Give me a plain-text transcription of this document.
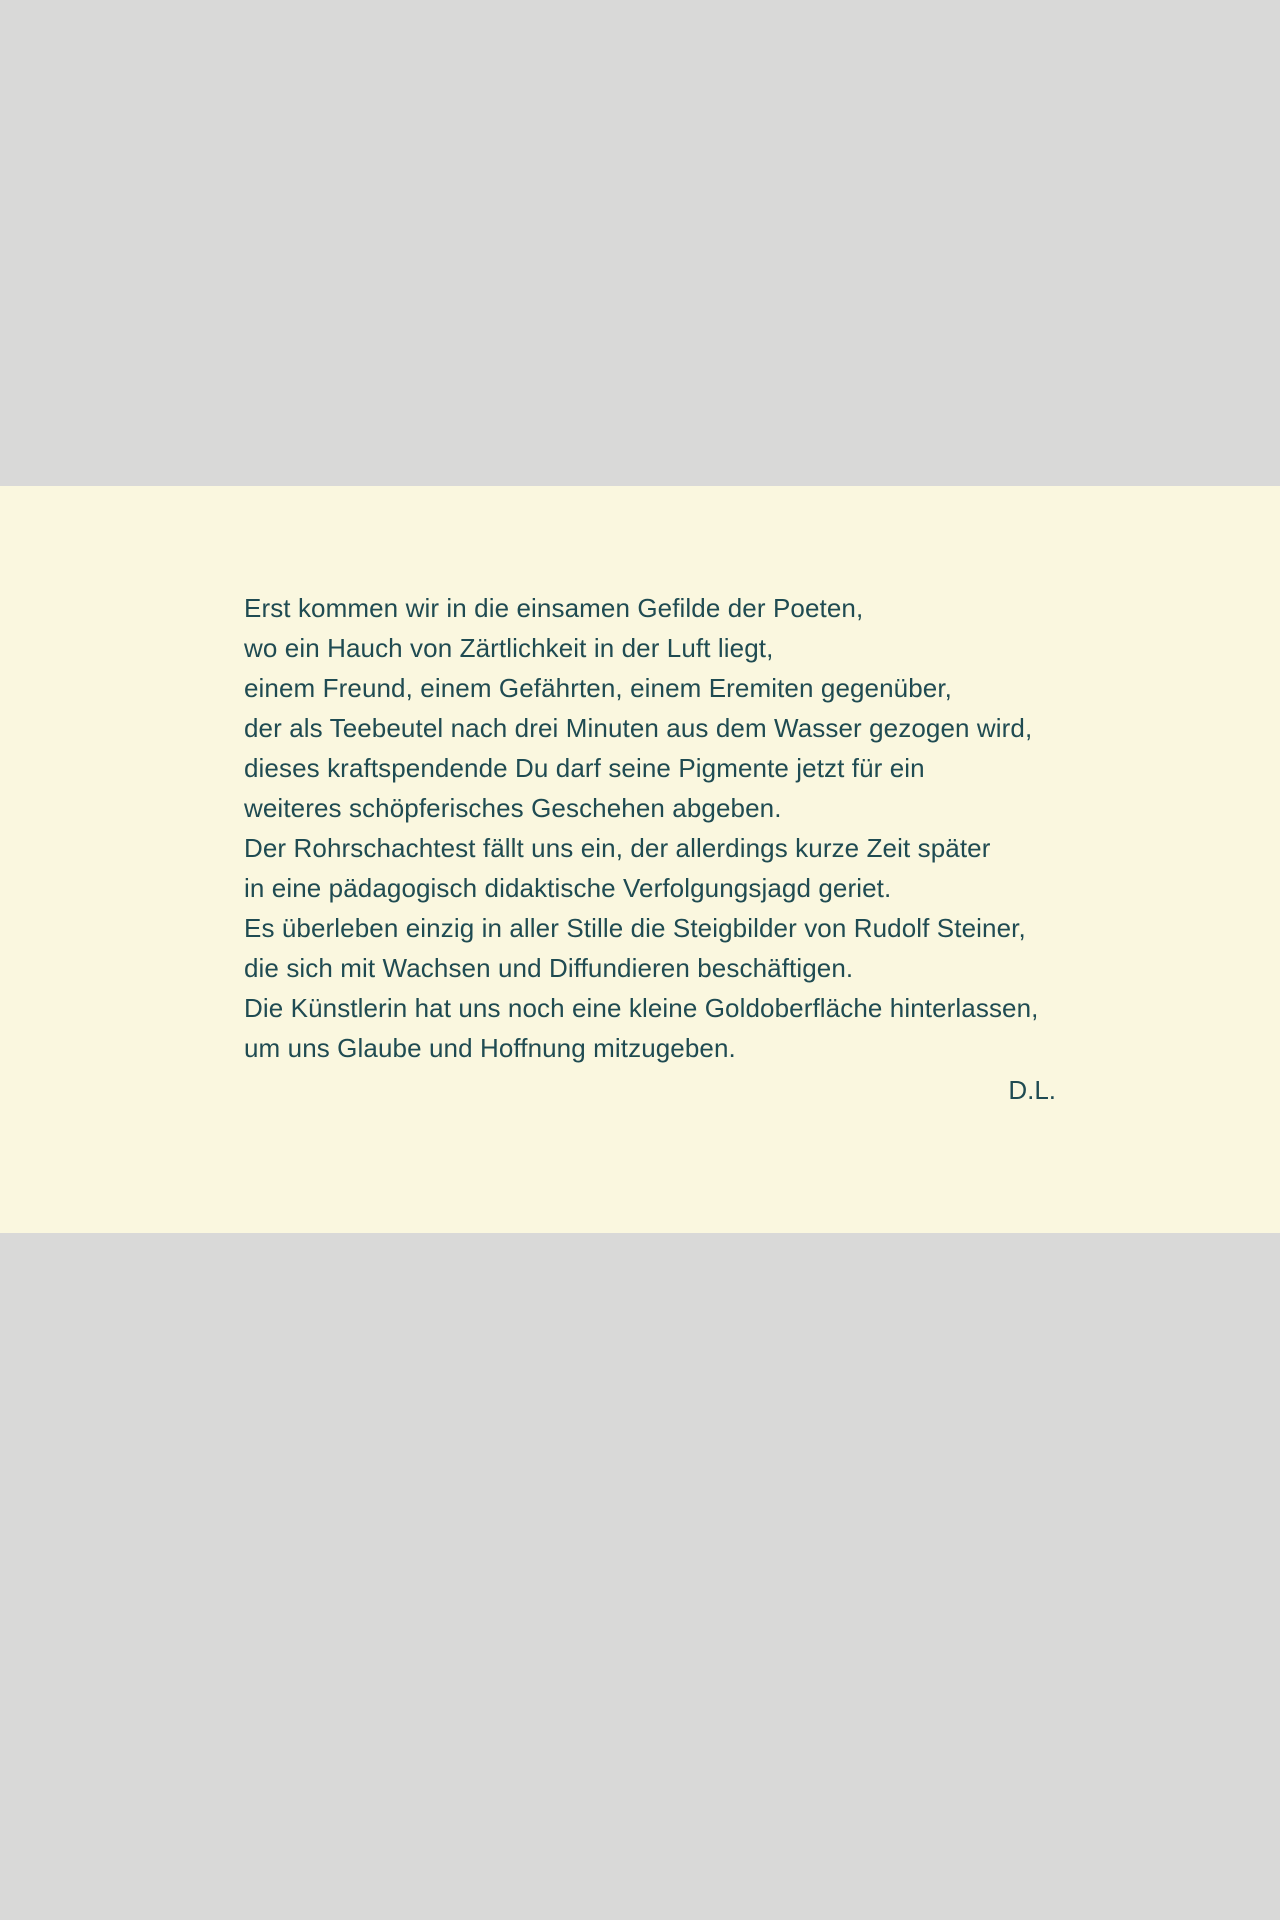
Erst kommen wir in die einsamen Gefilde der Poeten,
wo ein Hauch von Zärtlichkeit in der Luft liegt,
einem Freund, einem Gefährten, einem Eremiten gegenüber,
der als Teebeutel nach drei Minuten aus dem Wasser gezogen wird,
dieses kraftspendende Du darf seine Pigmente jetzt für ein
weiteres schöpferisches Geschehen abgeben.
Der Rohrschachtest fällt uns ein, der allerdings kurze Zeit später
in eine pädagogisch didaktische Verfolgungsjagd geriet.
Es überleben einzig in aller Stille die Steigbilder von Rudolf Steiner,
die sich mit Wachsen und Diffundieren beschäftigen.
Die Künstlerin hat uns noch eine kleine Goldoberfläche hinterlassen,
um uns Glaube und Hoffnung mitzugeben.
D.L.
